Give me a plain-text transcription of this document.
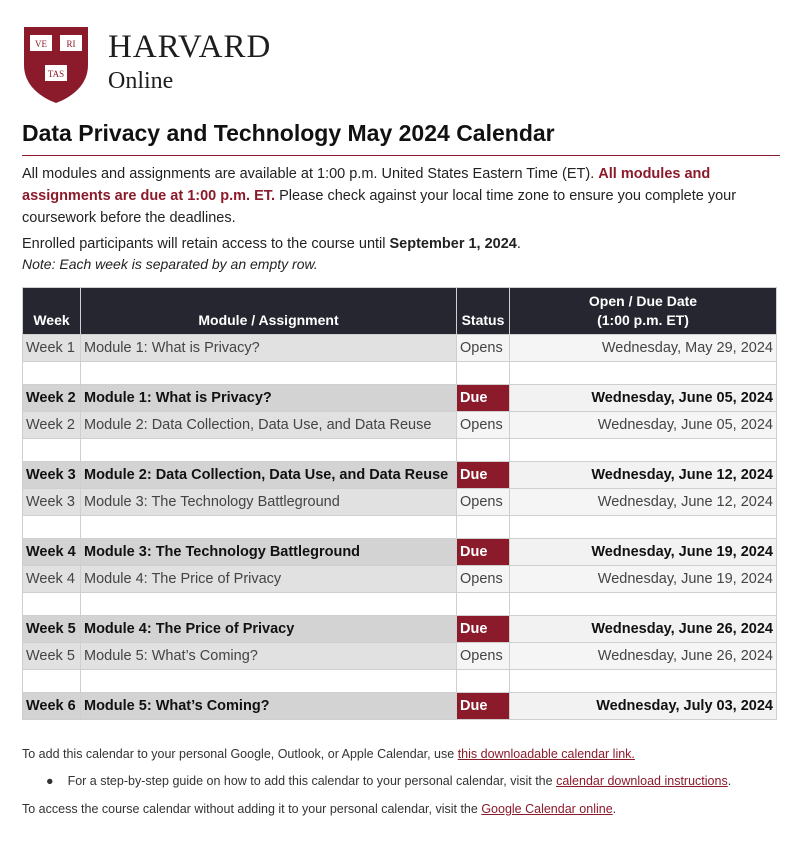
VE RI
TAS
HARVARD
Online
Data Privacy and Technology May 2024 Calendar

All modules and assignments are available at 1:00 p.m. United States Eastern Time (ET). All modules and assignments are due at 1:00 p.m. ET. Please check against your local time zone to ensure you complete your coursework before the deadlines.

Enrolled participants will retain access to the course until September 1, 2024.

Note: Each week is separated by an empty row.

Week	Module / Assignment	Status	Open / Due Date
(1:00 p.m. ET)
Week 1	Module 1: What is Privacy?	Opens	Wednesday, May 29, 2024

Week 2	Module 1: What is Privacy?	Due	Wednesday, June 05, 2024
Week 2	Module 2: Data Collection, Data Use, and Data Reuse	Opens	Wednesday, June 05, 2024

Week 3	Module 2: Data Collection, Data Use, and Data Reuse	Due	Wednesday, June 12, 2024
Week 3	Module 3: The Technology Battleground	Opens	Wednesday, June 12, 2024

Week 4	Module 3: The Technology Battleground	Due	Wednesday, June 19, 2024
Week 4	Module 4: The Price of Privacy	Opens	Wednesday, June 19, 2024

Week 5	Module 4: The Price of Privacy	Due	Wednesday, June 26, 2024
Week 5	Module 5: What’s Coming?	Opens	Wednesday, June 26, 2024

Week 6	Module 5: What’s Coming?	Due	Wednesday, July 03, 2024

To add this calendar to your personal Google, Outlook, or Apple Calendar, use this downloadable calendar link.

● For a step-by-step guide on how to add this calendar to your personal calendar, visit the calendar download instructions.

To access the course calendar without adding it to your personal calendar, visit the Google Calendar online.
